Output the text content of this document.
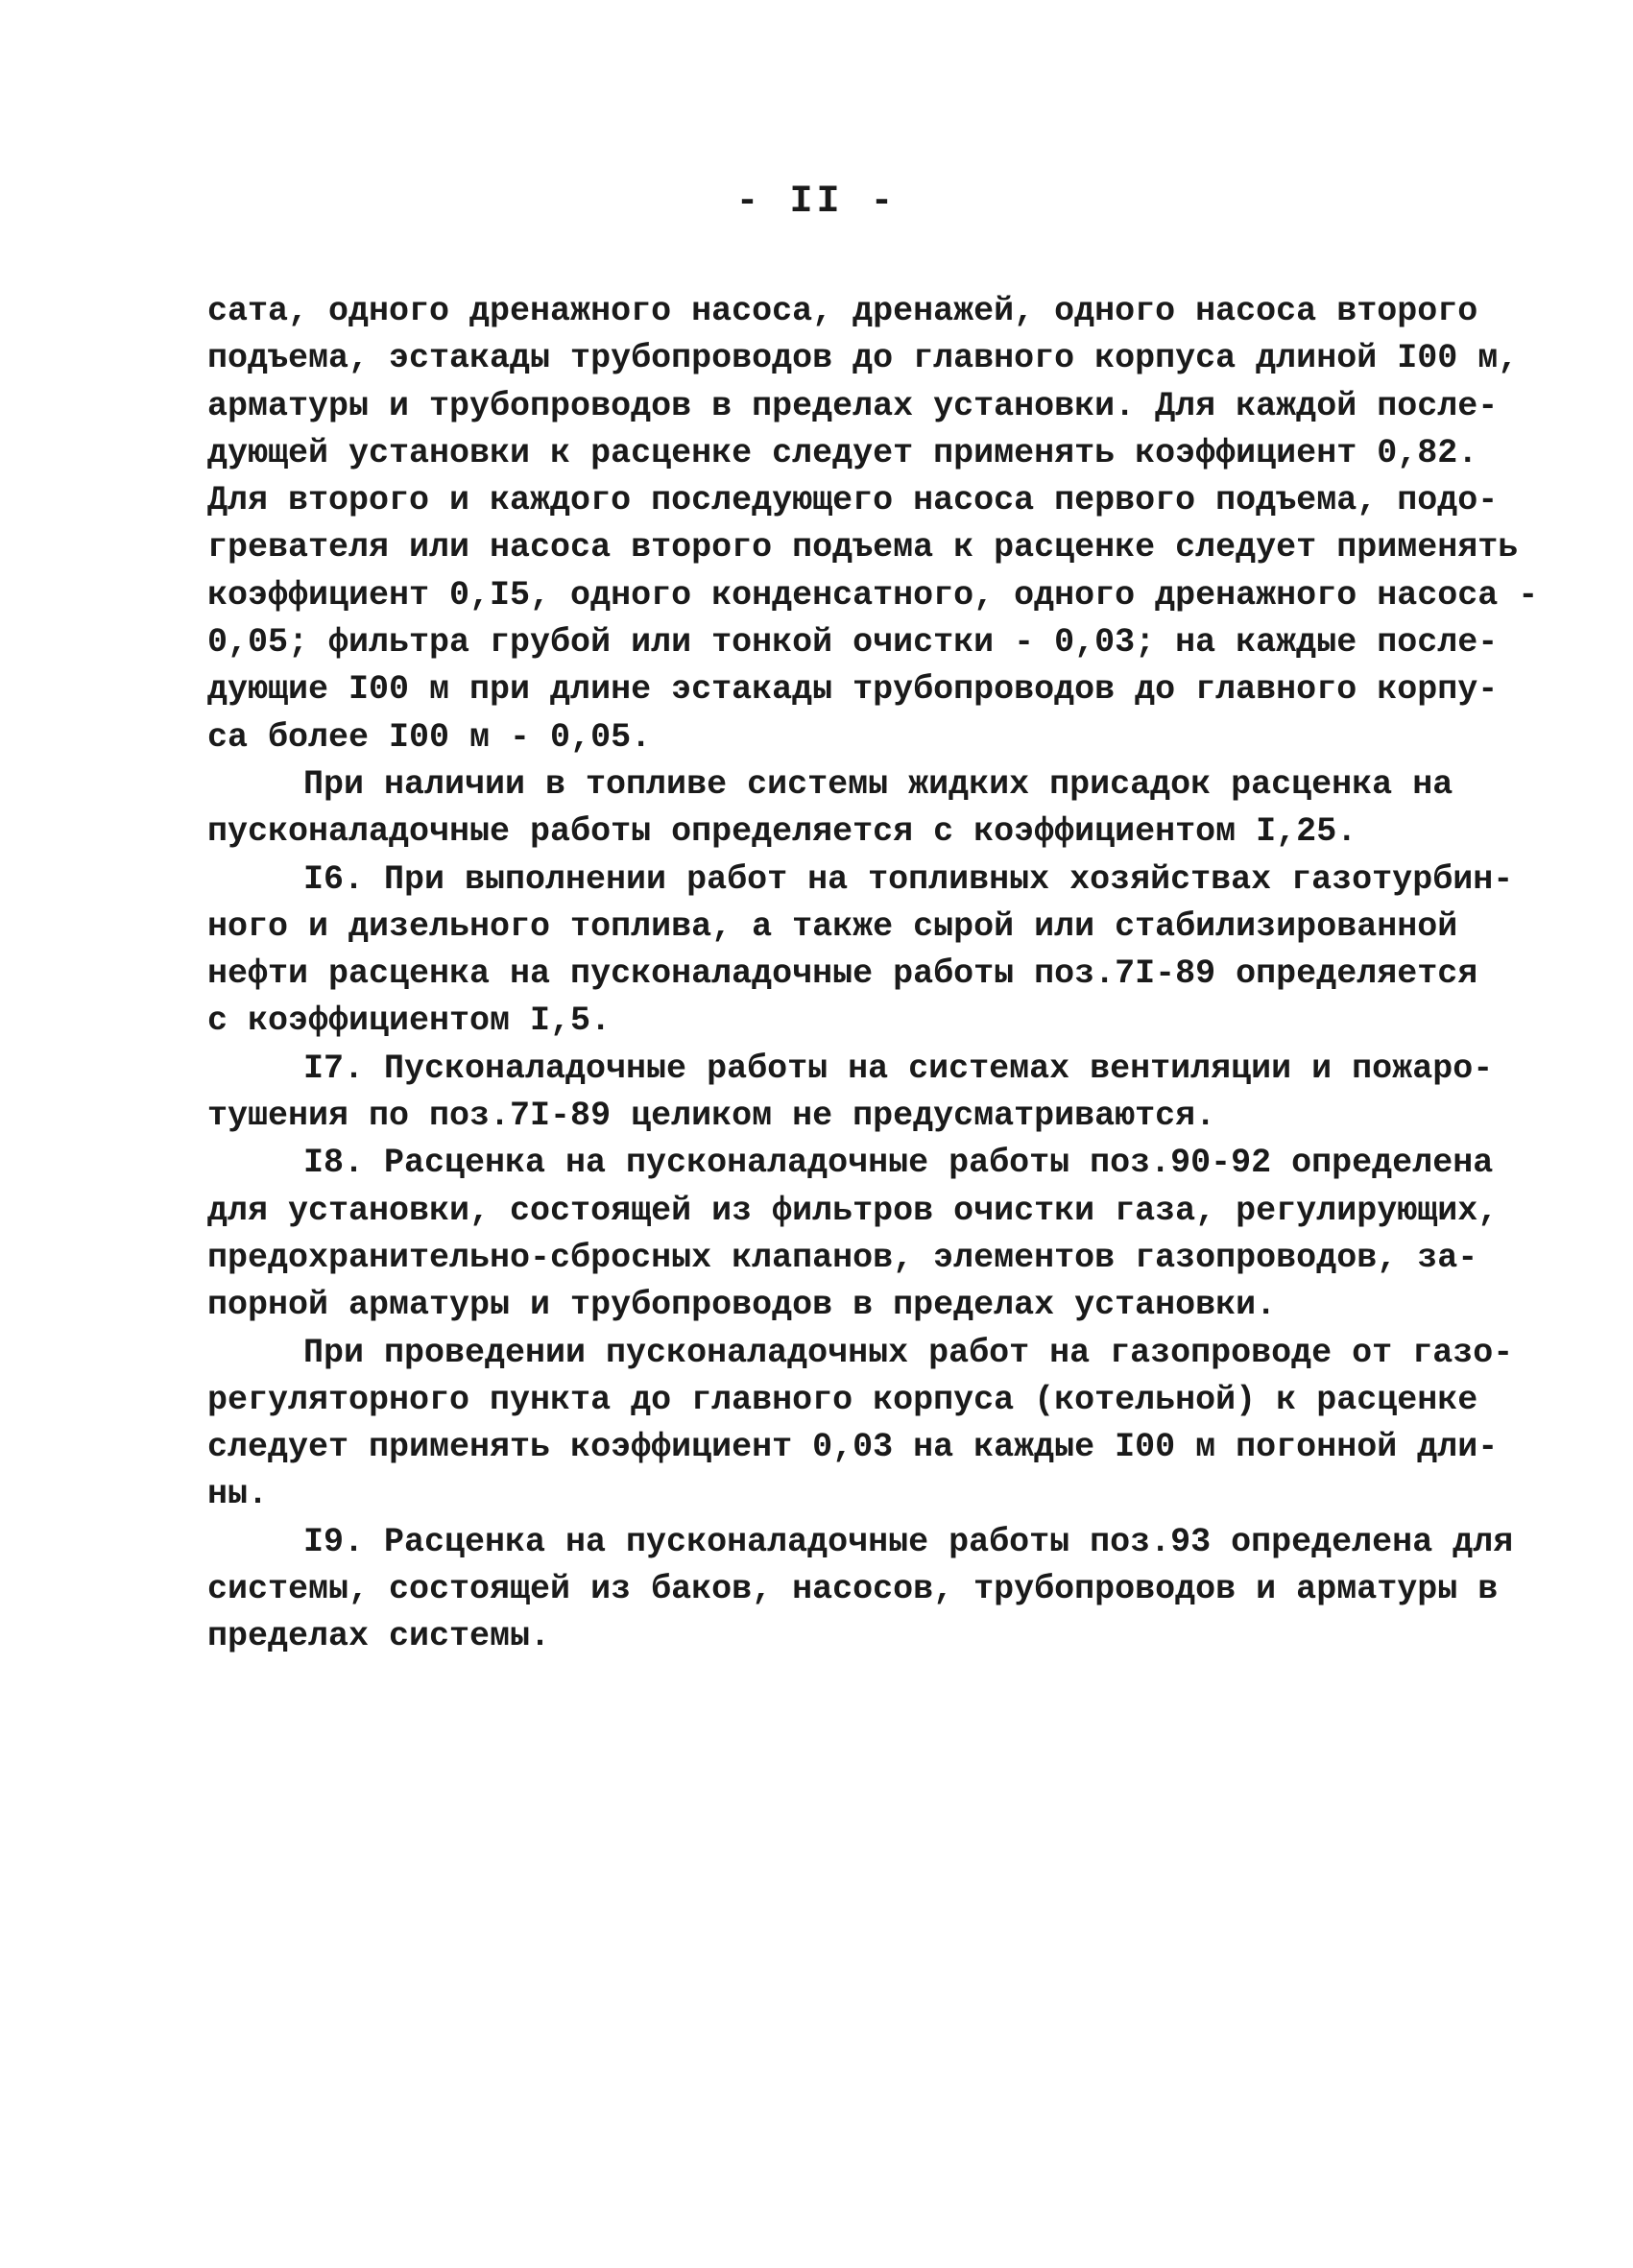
- II -
сата, одного дренажного насоса, дренажей, одного насоса второго
подъема, эстакады трубопроводов до главного корпуса длиной I00 м,
арматуры и трубопроводов в пределах установки. Для каждой после-
дующей установки к расценке следует применять коэффициент 0,82.
Для второго и каждого последующего насоса первого подъема, подо-
гревателя или насоса второго подъема к расценке следует применять
коэффициент 0,I5, одного конденсатного, одного дренажного насоса -
0,05; фильтра грубой или тонкой очистки - 0,03; на каждые после-
дующие I00 м при длине эстакады трубопроводов до главного корпу-
са более I00 м - 0,05.
При наличии в топливе системы жидких присадок расценка на
пусконаладочные работы определяется с коэффициентом I,25.
I6. При выполнении работ на топливных хозяйствах газотурбин-
ного и дизельного топлива, а также сырой или стабилизированной
нефти расценка на пусконаладочные работы поз.7I-89 определяется
с коэффициентом I,5.
I7. Пусконаладочные работы на системах вентиляции и пожаро-
тушения по поз.7I-89 целиком не предусматриваются.
I8. Расценка на пусконаладочные работы поз.90-92 определена
для установки, состоящей из фильтров очистки газа, регулирующих,
предохранительно-сбросных клапанов, элементов газопроводов, за-
порной арматуры и трубопроводов в пределах установки.
При проведении пусконаладочных работ на газопроводе от газо-
регуляторного пункта до главного корпуса (котельной) к расценке
следует применять коэффициент 0,03 на каждые I00 м погонной дли-
ны.
I9. Расценка на пусконаладочные работы поз.93 определена для
системы, состоящей из баков, насосов, трубопроводов и арматуры в
пределах системы.
